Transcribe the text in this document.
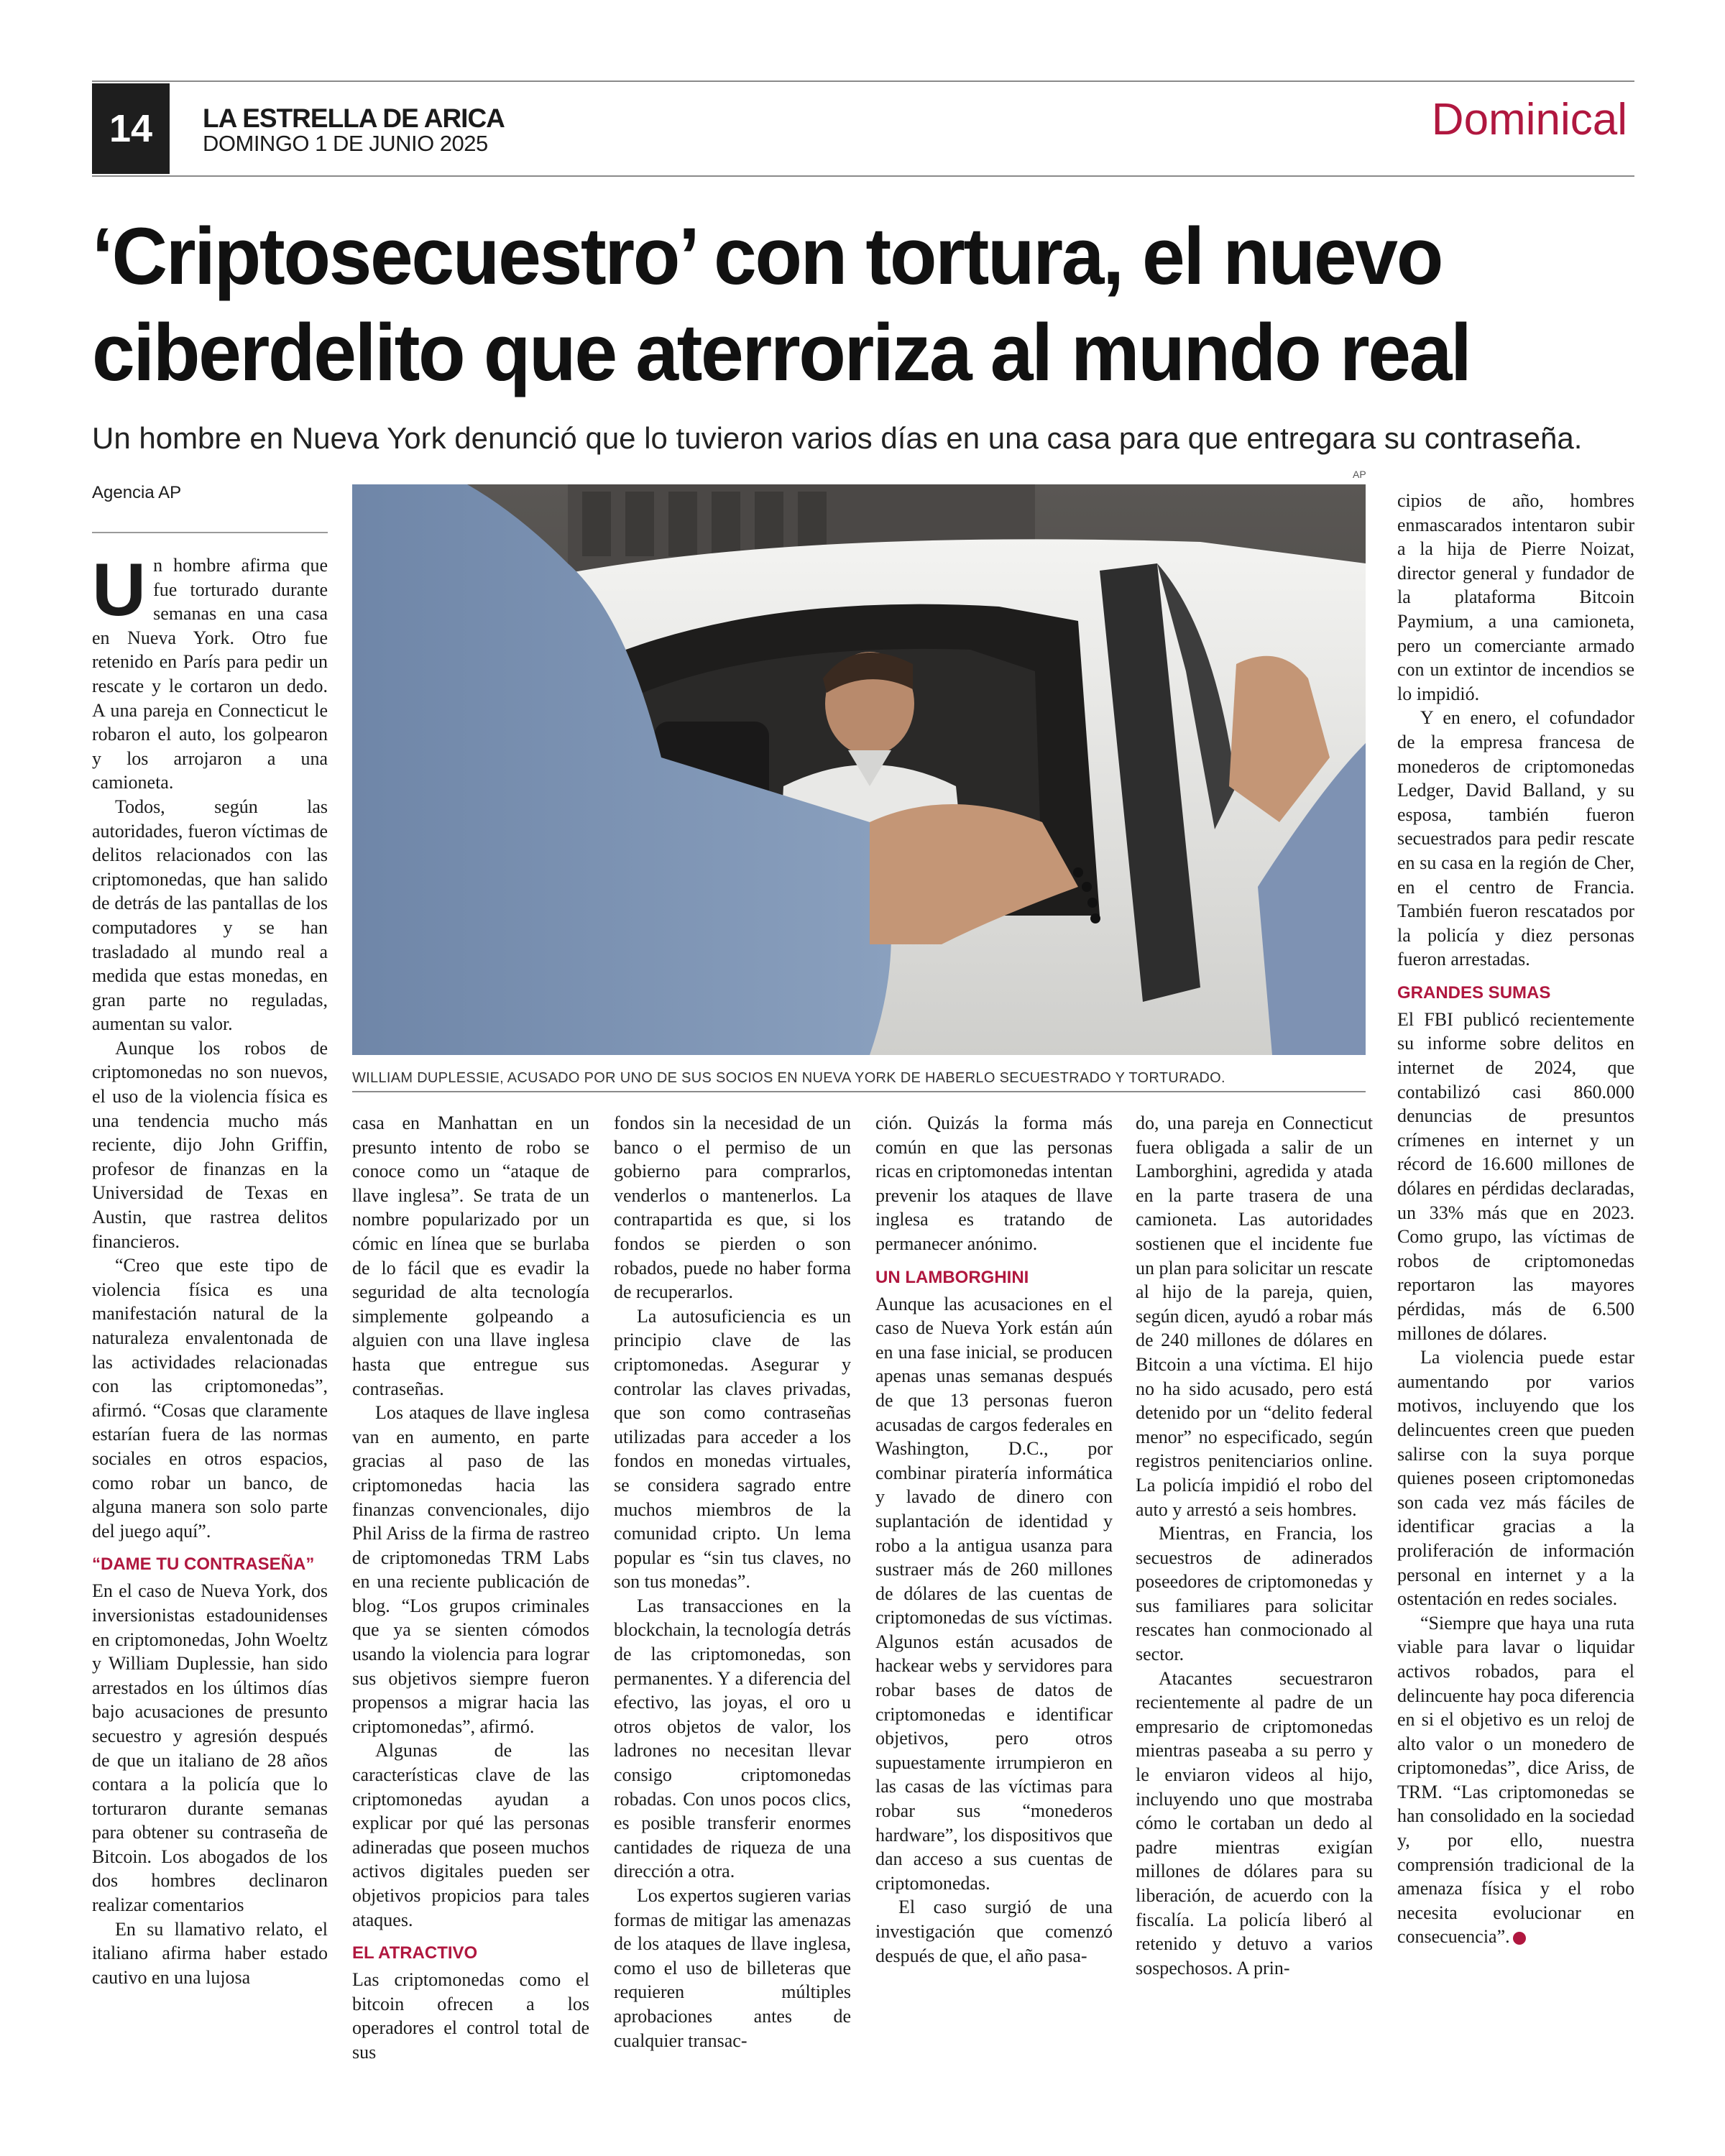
14	LA ESTRELLA DE ARICA
DOMINGO 1 DE JUNIO 2025	Dominical
‘Criptosecuestro’ con tortura, el nuevo ciberdelito que aterroriza al mundo real
Un hombre en Nueva York denunció que lo tuvieron varios días en una casa para que entregara su contraseña.
Agencia AP
AP
WILLIAM DUPLESSIE, ACUSADO POR UNO DE SUS SOCIOS EN NUEVA YORK DE HABERLO SECUESTRADO Y TORTURADO.

Un hombre afirma que fue torturado durante semanas en una casa en Nueva York. Otro fue retenido en París para pedir un rescate y le cortaron un dedo. A una pareja en Connecticut le robaron el auto, los golpearon y los arrojaron a una camioneta.

Todos, según las autoridades, fueron víctimas de delitos relacionados con las criptomonedas, que han salido de detrás de las pantallas de los computadores y se han trasladado al mundo real a medida que estas monedas, en gran parte no reguladas, aumentan su valor.

Aunque los robos de criptomonedas no son nuevos, el uso de la violencia física es una tendencia mucho más reciente, dijo John Griffin, profesor de finanzas en la Universidad de Texas en Austin, que rastrea delitos financieros.

“Creo que este tipo de violencia física es una manifestación natural de la naturaleza envalentonada de las actividades relacionadas con las criptomonedas”, afirmó. “Cosas que claramente estarían fuera de las normas sociales en otros espacios, como robar un banco, de alguna manera son solo parte del juego aquí”.

“DAME TU CONTRASEÑA”

En el caso de Nueva York, dos inversionistas estadounidenses en criptomonedas, John Woeltz y William Duplessie, han sido arrestados en los últimos días bajo acusaciones de presunto secuestro y agresión después de que un italiano de 28 años contara a la policía que lo torturaron durante semanas para obtener su contraseña de Bitcoin. Los abogados de los dos hombres declinaron realizar comentarios

En su llamativo relato, el italiano afirma haber estado cautivo en una lujosa

casa en Manhattan en un presunto intento de robo se conoce como un “ataque de llave inglesa”. Se trata de un nombre popularizado por un cómic en línea que se burlaba de lo fácil que es evadir la seguridad de alta tecnología simplemente golpeando a alguien con una llave inglesa hasta que entregue sus contraseñas.

Los ataques de llave inglesa van en aumento, en parte gracias al paso de las criptomonedas hacia las finanzas convencionales, dijo Phil Ariss de la firma de rastreo de criptomonedas TRM Labs en una reciente publicación de blog. “Los grupos criminales que ya se sienten cómodos usando la violencia para lograr sus objetivos siempre fueron propensos a migrar hacia las criptomonedas”, afirmó.

Algunas de las características clave de las criptomonedas ayudan a explicar por qué las personas adineradas que poseen muchos activos digitales pueden ser objetivos propicios para tales ataques.

EL ATRACTIVO

Las criptomonedas como el bitcoin ofrecen a los operadores el control total de sus

fondos sin la necesidad de un banco o el permiso de un gobierno para comprarlos, venderlos o mantenerlos. La contrapartida es que, si los fondos se pierden o son robados, puede no haber forma de recuperarlos.

La autosuficiencia es un principio clave de las criptomonedas. Asegurar y controlar las claves privadas, que son como contraseñas utilizadas para acceder a los fondos en monedas virtuales, se considera sagrado entre muchos miembros de la comunidad cripto. Un lema popular es “sin tus claves, no son tus monedas”.

Las transacciones en la blockchain, la tecnología detrás de las criptomonedas, son permanentes. Y a diferencia del efectivo, las joyas, el oro u otros objetos de valor, los ladrones no necesitan llevar consigo criptomonedas robadas. Con unos pocos clics, es posible transferir enormes cantidades de riqueza de una dirección a otra.

Los expertos sugieren varias formas de mitigar las amenazas de los ataques de llave inglesa, como el uso de billeteras que requieren múltiples aprobaciones antes de cualquier transac-

ción. Quizás la forma más común en que las personas ricas en criptomonedas intentan prevenir los ataques de llave inglesa es tratando de permanecer anónimo.

UN LAMBORGHINI

Aunque las acusaciones en el caso de Nueva York están aún en una fase inicial, se producen apenas unas semanas después de que 13 personas fueron acusadas de cargos federales en Washington, D.C., por combinar piratería informática y lavado de dinero con suplantación de identidad y robo a la antigua usanza para sustraer más de 260 millones de dólares de las cuentas de criptomonedas de sus víctimas. Algunos están acusados de hackear webs y servidores para robar bases de datos de criptomonedas e identificar objetivos, pero otros supuestamente irrumpieron en las casas de las víctimas para robar sus “monederos hardware”, los dispositivos que dan acceso a sus cuentas de criptomonedas.

El caso surgió de una investigación que comenzó después de que, el año pasa-

do, una pareja en Connecticut fuera obligada a salir de un Lamborghini, agredida y atada en la parte trasera de una camioneta. Las autoridades sostienen que el incidente fue un plan para solicitar un rescate al hijo de la pareja, quien, según dicen, ayudó a robar más de 240 millones de dólares en Bitcoin a una víctima. El hijo no ha sido acusado, pero está detenido por un “delito federal menor” no especificado, según registros penitenciarios online. La policía impidió el robo del auto y arrestó a seis hombres.

Mientras, en Francia, los secuestros de adinerados poseedores de criptomonedas y sus familiares para solicitar rescates han conmocionado al sector.

Atacantes secuestraron recientemente al padre de un empresario de criptomonedas mientras paseaba a su perro y le enviaron videos al hijo, incluyendo uno que mostraba cómo le cortaban un dedo al padre mientras exigían millones de dólares para su liberación, de acuerdo con la fiscalía. La policía liberó al retenido y detuvo a varios sospechosos. A prin-

cipios de año, hombres enmascarados intentaron subir a la hija de Pierre Noizat, director general y fundador de la plataforma Bitcoin Paymium, a una camioneta, pero un comerciante armado con un extintor de incendios se lo impidió.

Y en enero, el cofundador de la empresa francesa de monederos de criptomonedas Ledger, David Balland, y su esposa, también fueron secuestrados para pedir rescate en su casa en la región de Cher, en el centro de Francia. También fueron rescatados por la policía y diez personas fueron arrestadas.

GRANDES SUMAS

El FBI publicó recientemente su informe sobre delitos en internet de 2024, que contabilizó casi 860.000 denuncias de presuntos crímenes en internet y un récord de 16.600 millones de dólares en pérdidas declaradas, un 33% más que en 2023. Como grupo, las víctimas de robos de criptomonedas reportaron las mayores pérdidas, más de 6.500 millones de dólares.

La violencia puede estar aumentando por varios motivos, incluyendo que los delincuentes creen que pueden salirse con la suya porque quienes poseen criptomonedas son cada vez más fáciles de identificar gracias a la proliferación de información personal en internet y a la ostentación en redes sociales.

“Siempre que haya una ruta viable para lavar o liquidar activos robados, para el delincuente hay poca diferencia en si el objetivo es un reloj de alto valor o un monedero de criptomonedas”, dice Ariss, de TRM. “Las criptomonedas se han consolidado en la sociedad y, por ello, nuestra comprensión tradicional de la amenaza física y el robo necesita evolucionar en consecuencia”.
